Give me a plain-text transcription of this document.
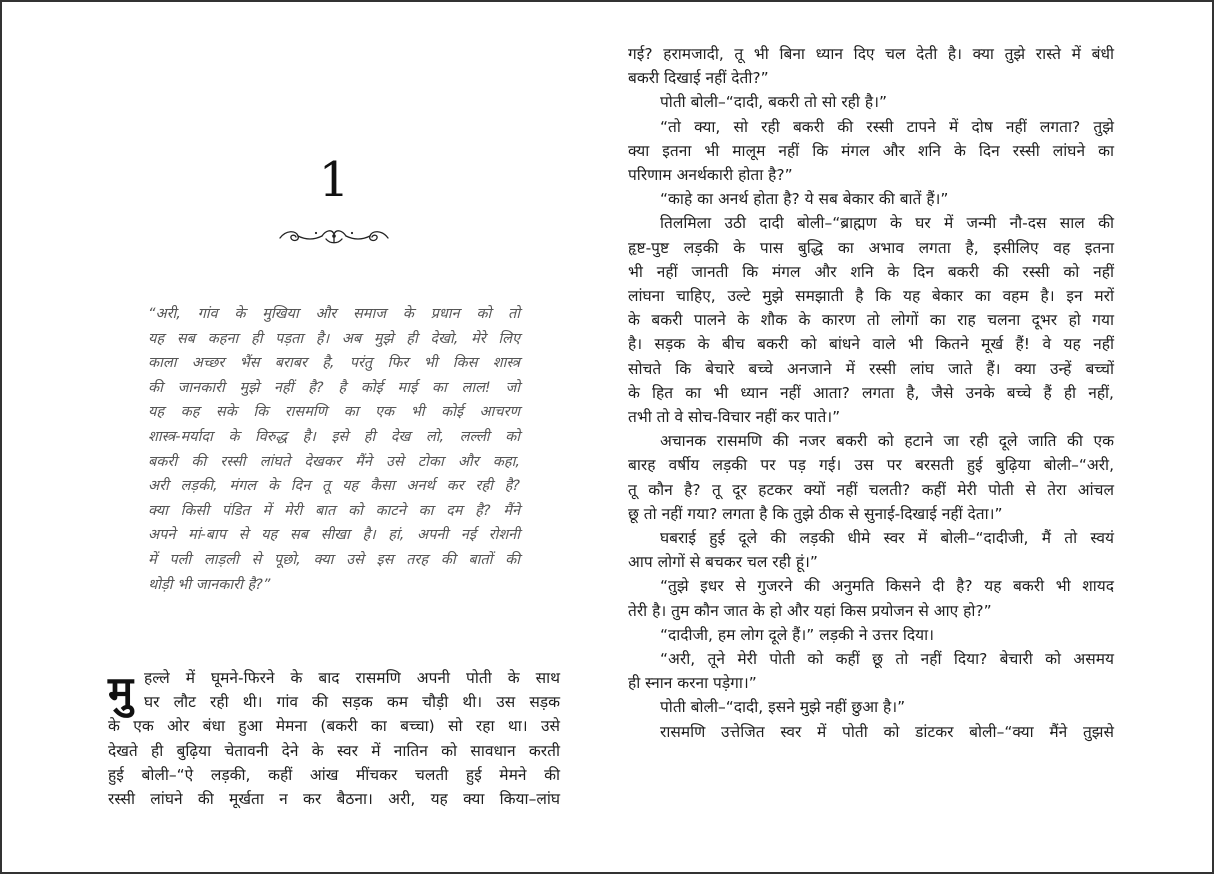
1
“अरी, गांव के मुखिया और समाज के प्रधान को तो
यह सब कहना ही पड़ता है। अब मुझे ही देखो, मेरे लिए
काला अच्छर भैंस बराबर है, परंतु फिर भी किस शास्त्र
की जानकारी मुझे नहीं है? है कोई माई का लाल! जो
यह कह सके कि रासमणि का एक भी कोई आचरण
शास्त्र-मर्यादा के विरुद्ध है। इसे ही देख लो, लल्ली को
बकरी की रस्सी लांघते देखकर मैंने उसे टोका और कहा,
अरी लड़की, मंगल के दिन तू यह कैसा अनर्थ कर रही है?
क्या किसी पंडित में मेरी बात को काटने का दम है? मैंने
अपने मां-बाप से यह सब सीखा है। हां, अपनी नई रोशनी
में पली लाड़ली से पूछो, क्या उसे इस तरह की बातों की
थोड़ी भी जानकारी है?”
मु हल्ले में घूमने-फिरने के बाद रासमणि अपनी पोती के साथ
घर लौट रही थी। गांव की सड़क कम चौड़ी थी। उस सड़क
के एक ओर बंधा हुआ मेमना (बकरी का बच्चा) सो रहा था। उसे
देखते ही बुढ़िया चेतावनी देने के स्वर में नातिन को सावधान करती
हुई बोली–“ऐ लड़की, कहीं आंख मींचकर चलती हुई मेमने की
रस्सी लांघने की मूर्खता न कर बैठना। अरी, यह क्या किया–लांघ
गई? हरामजादी, तू भी बिना ध्यान दिए चल देती है। क्या तुझे रास्ते में बंधी
बकरी दिखाई नहीं देती?”
पोती बोली–“दादी, बकरी तो सो रही है।”
“तो क्या, सो रही बकरी की रस्सी टापने में दोष नहीं लगता? तुझे
क्या इतना भी मालूम नहीं कि मंगल और शनि के दिन रस्सी लांघने का
परिणाम अनर्थकारी होता है?”
“काहे का अनर्थ होता है? ये सब बेकार की बातें हैं।”
तिलमिला उठी दादी बोली–“ब्राह्मण के घर में जन्मी नौ-दस साल की
हृष्ट-पुष्ट लड़की के पास बुद्धि का अभाव लगता है, इसीलिए वह इतना
भी नहीं जानती कि मंगल और शनि के दिन बकरी की रस्सी को नहीं
लांघना चाहिए, उल्टे मुझे समझाती है कि यह बेकार का वहम है। इन मरों
के बकरी पालने के शौक के कारण तो लोगों का राह चलना दूभर हो गया
है। सड़क के बीच बकरी को बांधने वाले भी कितने मूर्ख हैं! वे यह नहीं
सोचते कि बेचारे बच्चे अनजाने में रस्सी लांघ जाते हैं। क्या उन्हें बच्चों
के हित का भी ध्यान नहीं आता? लगता है, जैसे उनके बच्चे हैं ही नहीं,
तभी तो वे सोच-विचार नहीं कर पाते।”
अचानक रासमणि की नजर बकरी को हटाने जा रही दूले जाति की एक
बारह वर्षीय लड़की पर पड़ गई। उस पर बरसती हुई बुढ़िया बोली–“अरी,
तू कौन है? तू दूर हटकर क्यों नहीं चलती? कहीं मेरी पोती से तेरा आंचल
छू तो नहीं गया? लगता है कि तुझे ठीक से सुनाई-दिखाई नहीं देता।”
घबराई हुई दूले की लड़की धीमे स्वर में बोली–“दादीजी, मैं तो स्वयं
आप लोगों से बचकर चल रही हूं।”
“तुझे इधर से गुजरने की अनुमति किसने दी है? यह बकरी भी शायद
तेरी है। तुम कौन जात के हो और यहां किस प्रयोजन से आए हो?”
“दादीजी, हम लोग दूले हैं।” लड़की ने उत्तर दिया।
“अरी, तूने मेरी पोती को कहीं छू तो नहीं दिया? बेचारी को असमय
ही स्नान करना पड़ेगा।”
पोती बोली–“दादी, इसने मुझे नहीं छुआ है।”
रासमणि उत्तेजित स्वर में पोती को डांटकर बोली–“क्या मैंने तुझसे
